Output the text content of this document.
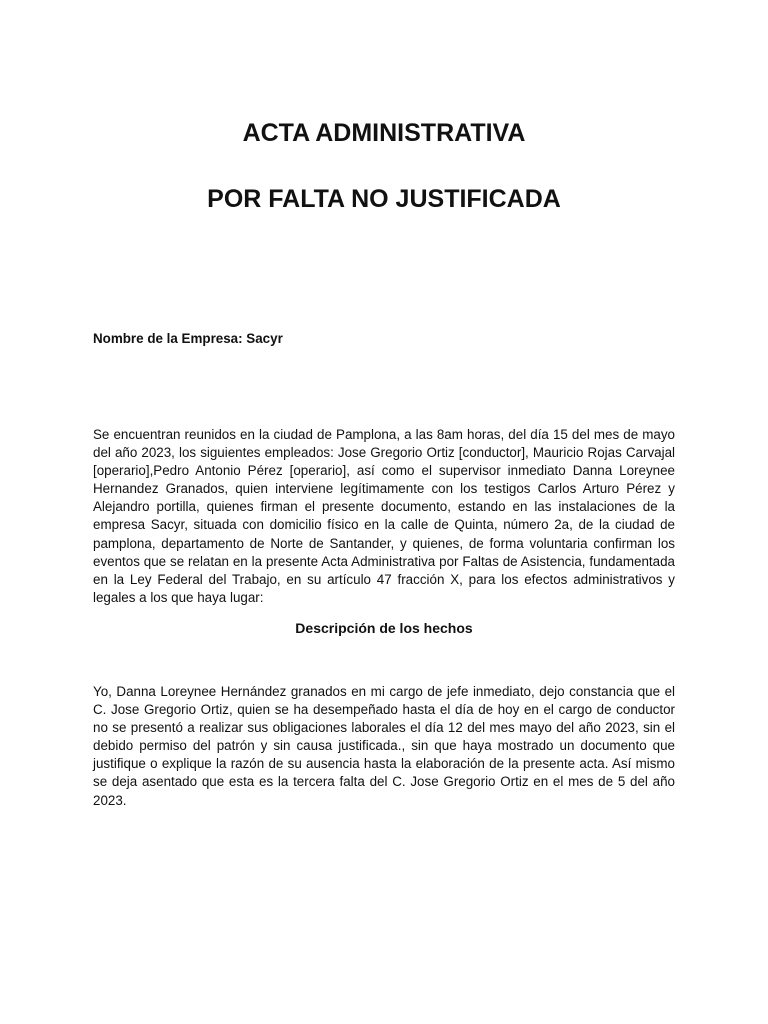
ACTA ADMINISTRATIVA
POR FALTA NO JUSTIFICADA

Nombre de la Empresa: Sacyr

Se encuentran reunidos en la ciudad de Pamplona, a las 8am horas, del día 15 del mes de mayo del año 2023, los siguientes empleados: Jose Gregorio Ortiz [conductor], Mauricio Rojas Carvajal [operario],Pedro Antonio Pérez [operario], así como el supervisor inmediato Danna Loreynee Hernandez Granados, quien interviene legítimamente con los testigos Carlos Arturo Pérez y Alejandro portilla, quienes firman el presente documento, estando en las instalaciones de la empresa Sacyr, situada con domicilio físico en la calle de Quinta, número 2a, de la ciudad de pamplona, departamento de Norte de Santander, y quienes, de forma voluntaria confirman los eventos que se relatan en la presente Acta Administrativa por Faltas de Asistencia, fundamentada en la Ley Federal del Trabajo, en su artículo 47 fracción X, para los efectos administrativos y legales a los que haya lugar:

Descripción de los hechos

Yo, Danna Loreynee Hernández granados en mi cargo de jefe inmediato, dejo constancia que el C. Jose Gregorio Ortiz, quien se ha desempeñado hasta el día de hoy en el cargo de conductor no se presentó a realizar sus obligaciones laborales el día 12 del mes mayo del año 2023, sin el debido permiso del patrón y sin causa justificada., sin que haya mostrado un documento que justifique o explique la razón de su ausencia hasta la elaboración de la presente acta. Así mismo se deja asentado que esta es la tercera falta del C. Jose Gregorio Ortiz en el mes de 5 del año 2023.
